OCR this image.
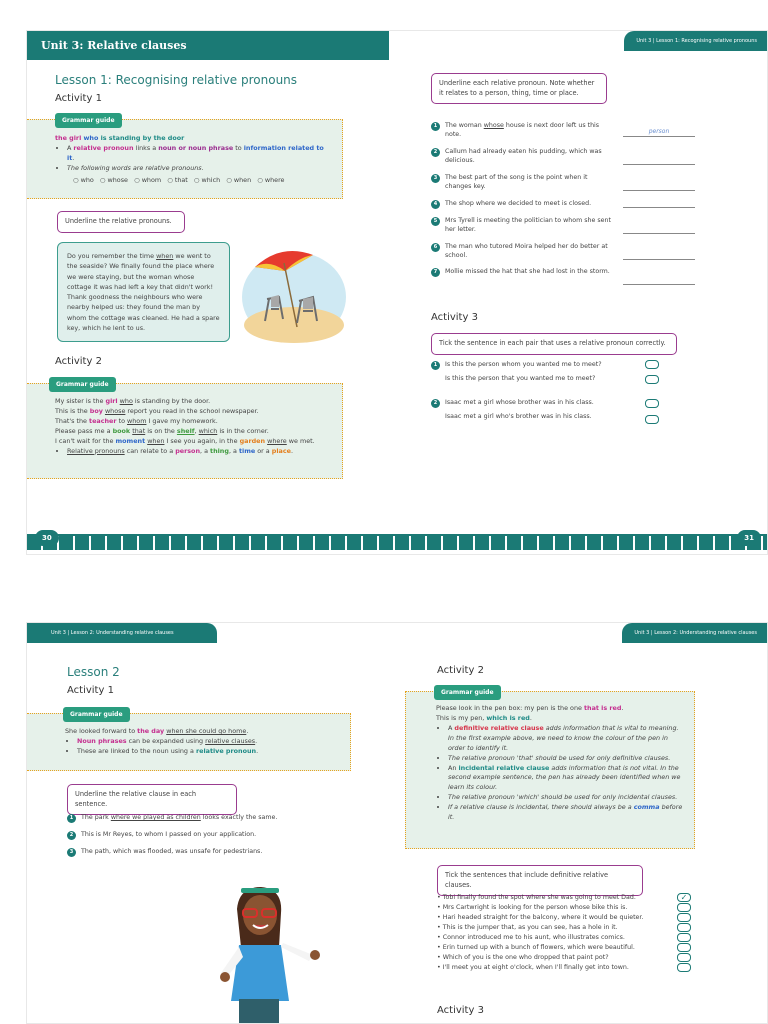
Unit 3: Relative clauses	Unit 3 | Lesson 1: Recognising relative pronouns
Lesson 1: Recognising relative pronouns
Activity 1
Grammar guide

the girl who is standing by the door

• A relative pronoun links a noun or noun phrase to information related to it.
• The following words are relative pronouns.
○ who ○ whose ○ whom ○ that ○ which ○ when ○ where
Underline the relative pronouns.
Do you remember the time when we went to the seaside? We finally found the place where we were staying, but the woman whose cottage it was had left a key that didn't work! Thank goodness the neighbours who were nearby helped us: they found the man by whom the cottage was cleaned. He had a spare key, which he lent to us.
Activity 2
Grammar guide

My sister is the girl who is standing by the door.

This is the boy whose report you read in the school newspaper.

That's the teacher to whom I gave my homework.

Please pass me a book that is on the shelf, which is in the corner.

I can't wait for the moment when I see you again, in the garden where we met.

• Relative pronouns can relate to a person, a thing, a time or a place.
Underline each relative pronoun. Note whether it relates to a person, thing, time or place.
1 The woman whose house is next door left us this note.	person
2 Callum had already eaten his pudding, which was delicious.
3 The best part of the song is the point when it changes key.
4 The shop where we decided to meet is closed.
5 Mrs Tyrell is meeting the politician to whom she sent her letter.
6 The man who tutored Moira helped her do better at school.
7 Mollie missed the hat that she had lost in the storm.
Activity 3
Tick the sentence in each pair that uses a relative pronoun correctly.
1 Is this the person whom you wanted me to meet?
Is this the person that you wanted me to meet?
2 Isaac met a girl whose brother was in his class.
Isaac met a girl who's brother was in his class.
30	31
Unit 3 | Lesson 2: Understanding relative clauses	Unit 3 | Lesson 2: Understanding relative clauses
Lesson 2
Activity 1
Grammar guide

She looked forward to the day when she could go home.

• Noun phrases can be expanded using relative clauses.
• These are linked to the noun using a relative pronoun.
Underline the relative clause in each sentence.
1 The park where we played as children looks exactly the same.
2 This is Mr Reyes, to whom I passed on your application.
3 The path, which was flooded, was unsafe for pedestrians.
Activity 2
Grammar guide

Please look in the pen box: my pen is the one that is red.

This is my pen, which is red.

• A definitive relative clause adds information that is vital to meaning. In the first example above, we need to know the colour of the pen in order to identify it.
• The relative pronoun 'that' should be used for only definitive clauses.
• An incidental relative clause adds information that is not vital. In the second example sentence, the pen has already been identified when we learn its colour.
• The relative pronoun 'which' should be used for only incidental clauses.
• If a relative clause is incidental, there should always be a comma before it.
Tick the sentences that include definitive relative clauses.
• Tobi finally found the spot where she was going to meet Dad.
• Mrs Cartwright is looking for the person whose bike this is.
• Hari headed straight for the balcony, where it would be quieter.
• This is the jumper that, as you can see, has a hole in it.
• Connor introduced me to his aunt, who illustrates comics.
• Erin turned up with a bunch of flowers, which were beautiful.
• Which of you is the one who dropped that paint pot?
• I'll meet you at eight o'clock, when I'll finally get into town.
✓
Activity 3
